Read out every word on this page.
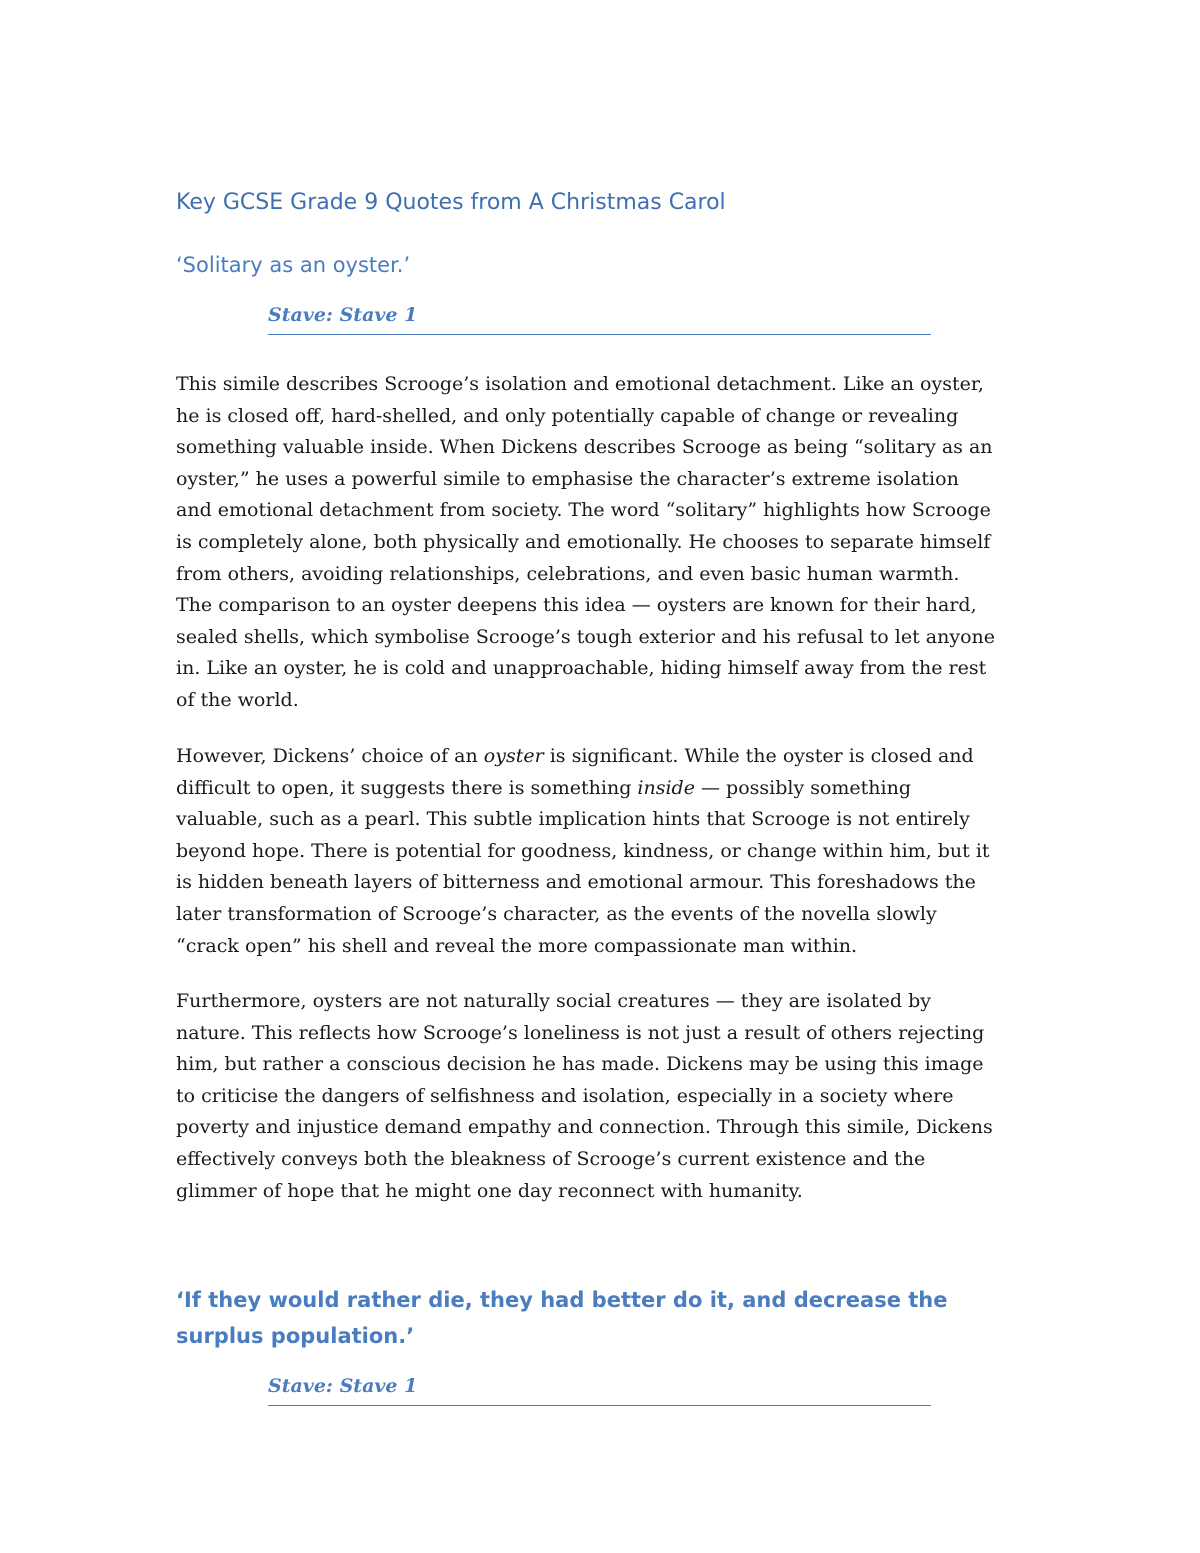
Key GCSE Grade 9 Quotes from A Christmas Carol
‘Solitary as an oyster.’
Stave: Stave 1

This simile describes Scrooge’s isolation and emotional detachment. Like an oyster,
he is closed off, hard-shelled, and only potentially capable of change or revealing
something valuable inside. When Dickens describes Scrooge as being “solitary as an
oyster,” he uses a powerful simile to emphasise the character’s extreme isolation
and emotional detachment from society. The word “solitary” highlights how Scrooge
is completely alone, both physically and emotionally. He chooses to separate himself
from others, avoiding relationships, celebrations, and even basic human warmth.
The comparison to an oyster deepens this idea — oysters are known for their hard,
sealed shells, which symbolise Scrooge’s tough exterior and his refusal to let anyone
in. Like an oyster, he is cold and unapproachable, hiding himself away from the rest
of the world.

However, Dickens’ choice of an oyster is significant. While the oyster is closed and
difficult to open, it suggests there is something inside — possibly something
valuable, such as a pearl. This subtle implication hints that Scrooge is not entirely
beyond hope. There is potential for goodness, kindness, or change within him, but it
is hidden beneath layers of bitterness and emotional armour. This foreshadows the
later transformation of Scrooge’s character, as the events of the novella slowly
“crack open” his shell and reveal the more compassionate man within.

Furthermore, oysters are not naturally social creatures — they are isolated by
nature. This reflects how Scrooge’s loneliness is not just a result of others rejecting
him, but rather a conscious decision he has made. Dickens may be using this image
to criticise the dangers of selfishness and isolation, especially in a society where
poverty and injustice demand empathy and connection. Through this simile, Dickens
effectively conveys both the bleakness of Scrooge’s current existence and the
glimmer of hope that he might one day reconnect with humanity.

‘If they would rather die, they had better do it, and decrease the surplus population.’
Stave: Stave 1
